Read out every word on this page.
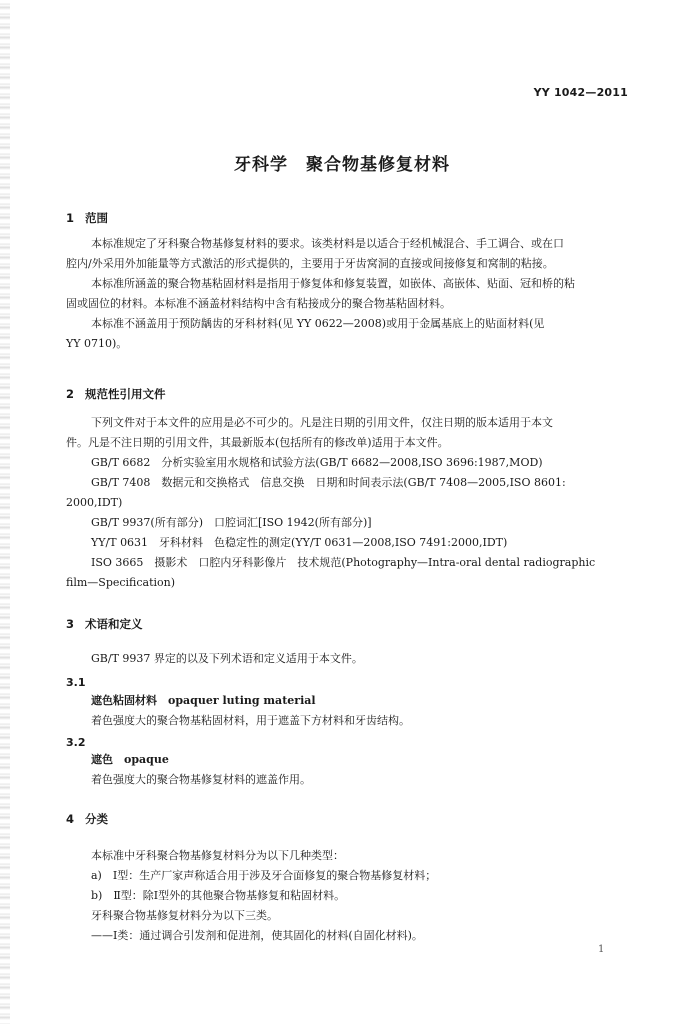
YY 1042—2011
牙科学 聚合物基修复材料
1 范围
本标准规定了牙科聚合物基修复材料的要求。该类材料是以适合于经机械混合、手工调合、或在口
腔内/外采用外加能量等方式激活的形式提供的，主要用于牙齿窝洞的直接或间接修复和窝制的粘接。
本标准所涵盖的聚合物基粘固材料是指用于修复体和修复装置，如嵌体、高嵌体、贴面、冠和桥的粘
固或固位的材料。本标准不涵盖材料结构中含有粘接成分的聚合物基粘固材料。
本标准不涵盖用于预防龋齿的牙科材料(见 YY 0622—2008)或用于金属基底上的贴面材料(见
YY 0710)。
2 规范性引用文件
下列文件对于本文件的应用是必不可少的。凡是注日期的引用文件，仅注日期的版本适用于本文
件。凡是不注日期的引用文件，其最新版本(包括所有的修改单)适用于本文件。
GB/T 6682　分析实验室用水规格和试验方法(GB/T 6682—2008,ISO 3696:1987,MOD)
GB/T 7408　数据元和交换格式　信息交换　日期和时间表示法(GB/T 7408—2005,ISO 8601:
2000,IDT)
GB/T 9937(所有部分)　口腔词汇[ISO 1942(所有部分)]
YY/T 0631　牙科材料　色稳定性的测定(YY/T 0631—2008,ISO 7491:2000,IDT)
ISO 3665　摄影术　口腔内牙科影像片　技术规范(Photography—Intra-oral dental radiographic
film—Specification)
3 术语和定义
GB/T 9937 界定的以及下列术语和定义适用于本文件。
3.1
遮色粘固材料　opaquer luting material
着色强度大的聚合物基粘固材料，用于遮盖下方材料和牙齿结构。
3.2
遮色　opaque
着色强度大的聚合物基修复材料的遮盖作用。
4 分类
本标准中牙科聚合物基修复材料分为以下几种类型：
a)　Ⅰ型：生产厂家声称适合用于涉及牙合面修复的聚合物基修复材料；
b)　Ⅱ型：除Ⅰ型外的其他聚合物基修复和粘固材料。
牙科聚合物基修复材料分为以下三类。
——Ⅰ类：通过调合引发剂和促进剂，使其固化的材料(自固化材料)。
1
